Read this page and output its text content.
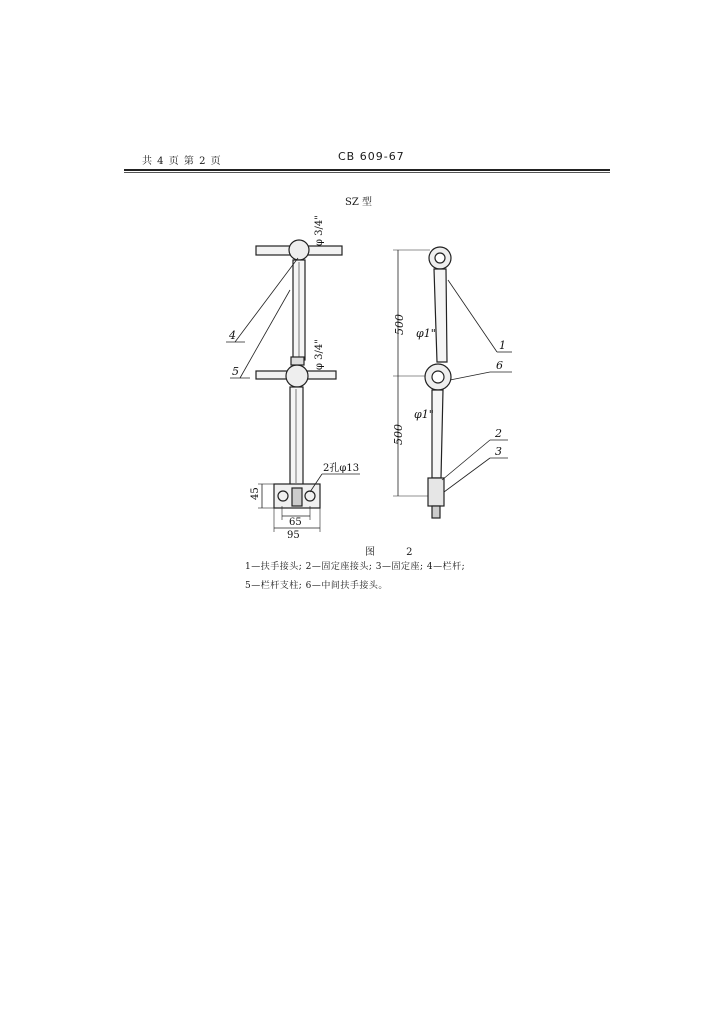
共 4 页 第 2 页	CB 609-67
SZ 型
4
5
φ 3/4"
φ 3/4"
2孔φ13
45
65
95
500
500
φ1"
φ1"
1
6
2
3
图 2
1—扶手接头; 2—固定座接头; 3—固定座; 4—栏杆;
5—栏杆支柱; 6—中间扶手接头。
